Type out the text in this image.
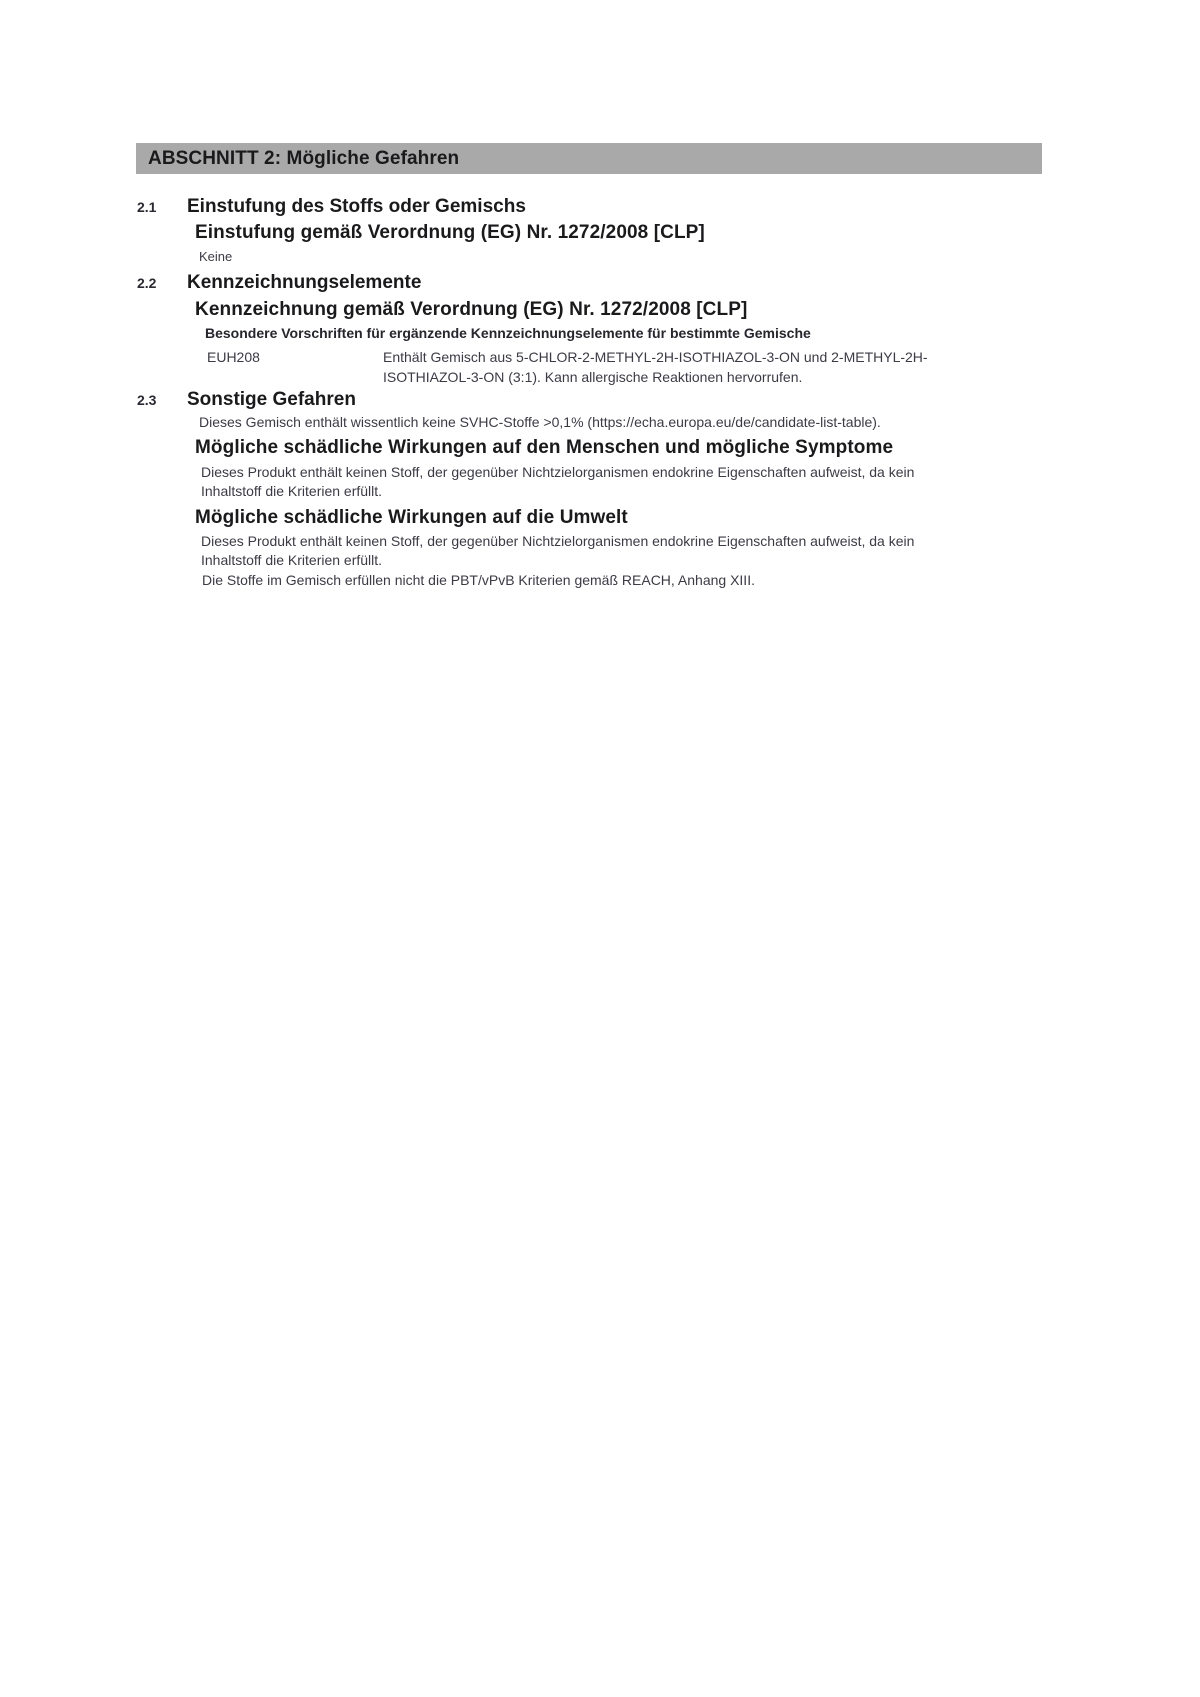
ABSCHNITT 2: Mögliche Gefahren
2.1 Einstufung des Stoffs oder Gemischs
Einstufung gemäß Verordnung (EG) Nr. 1272/2008 [CLP]
Keine
2.2 Kennzeichnungselemente
Kennzeichnung gemäß Verordnung (EG) Nr. 1272/2008 [CLP]
Besondere Vorschriften für ergänzende Kennzeichnungselemente für bestimmte Gemische
EUH208	Enthält Gemisch aus 5-CHLOR-2-METHYL-2H-ISOTHIAZOL-3-ON und 2-METHYL-2H-
ISOTHIAZOL-3-ON (3:1). Kann allergische Reaktionen hervorrufen.
2.3 Sonstige Gefahren
Dieses Gemisch enthält wissentlich keine SVHC-Stoffe >0,1% (https://echa.europa.eu/de/candidate-list-table).
Mögliche schädliche Wirkungen auf den Menschen und mögliche Symptome
Dieses Produkt enthält keinen Stoff, der gegenüber Nichtzielorganismen endokrine Eigenschaften aufweist, da kein
Inhaltstoff die Kriterien erfüllt.
Mögliche schädliche Wirkungen auf die Umwelt
Dieses Produkt enthält keinen Stoff, der gegenüber Nichtzielorganismen endokrine Eigenschaften aufweist, da kein
Inhaltstoff die Kriterien erfüllt.
Die Stoffe im Gemisch erfüllen nicht die PBT/vPvB Kriterien gemäß REACH, Anhang XIII.
